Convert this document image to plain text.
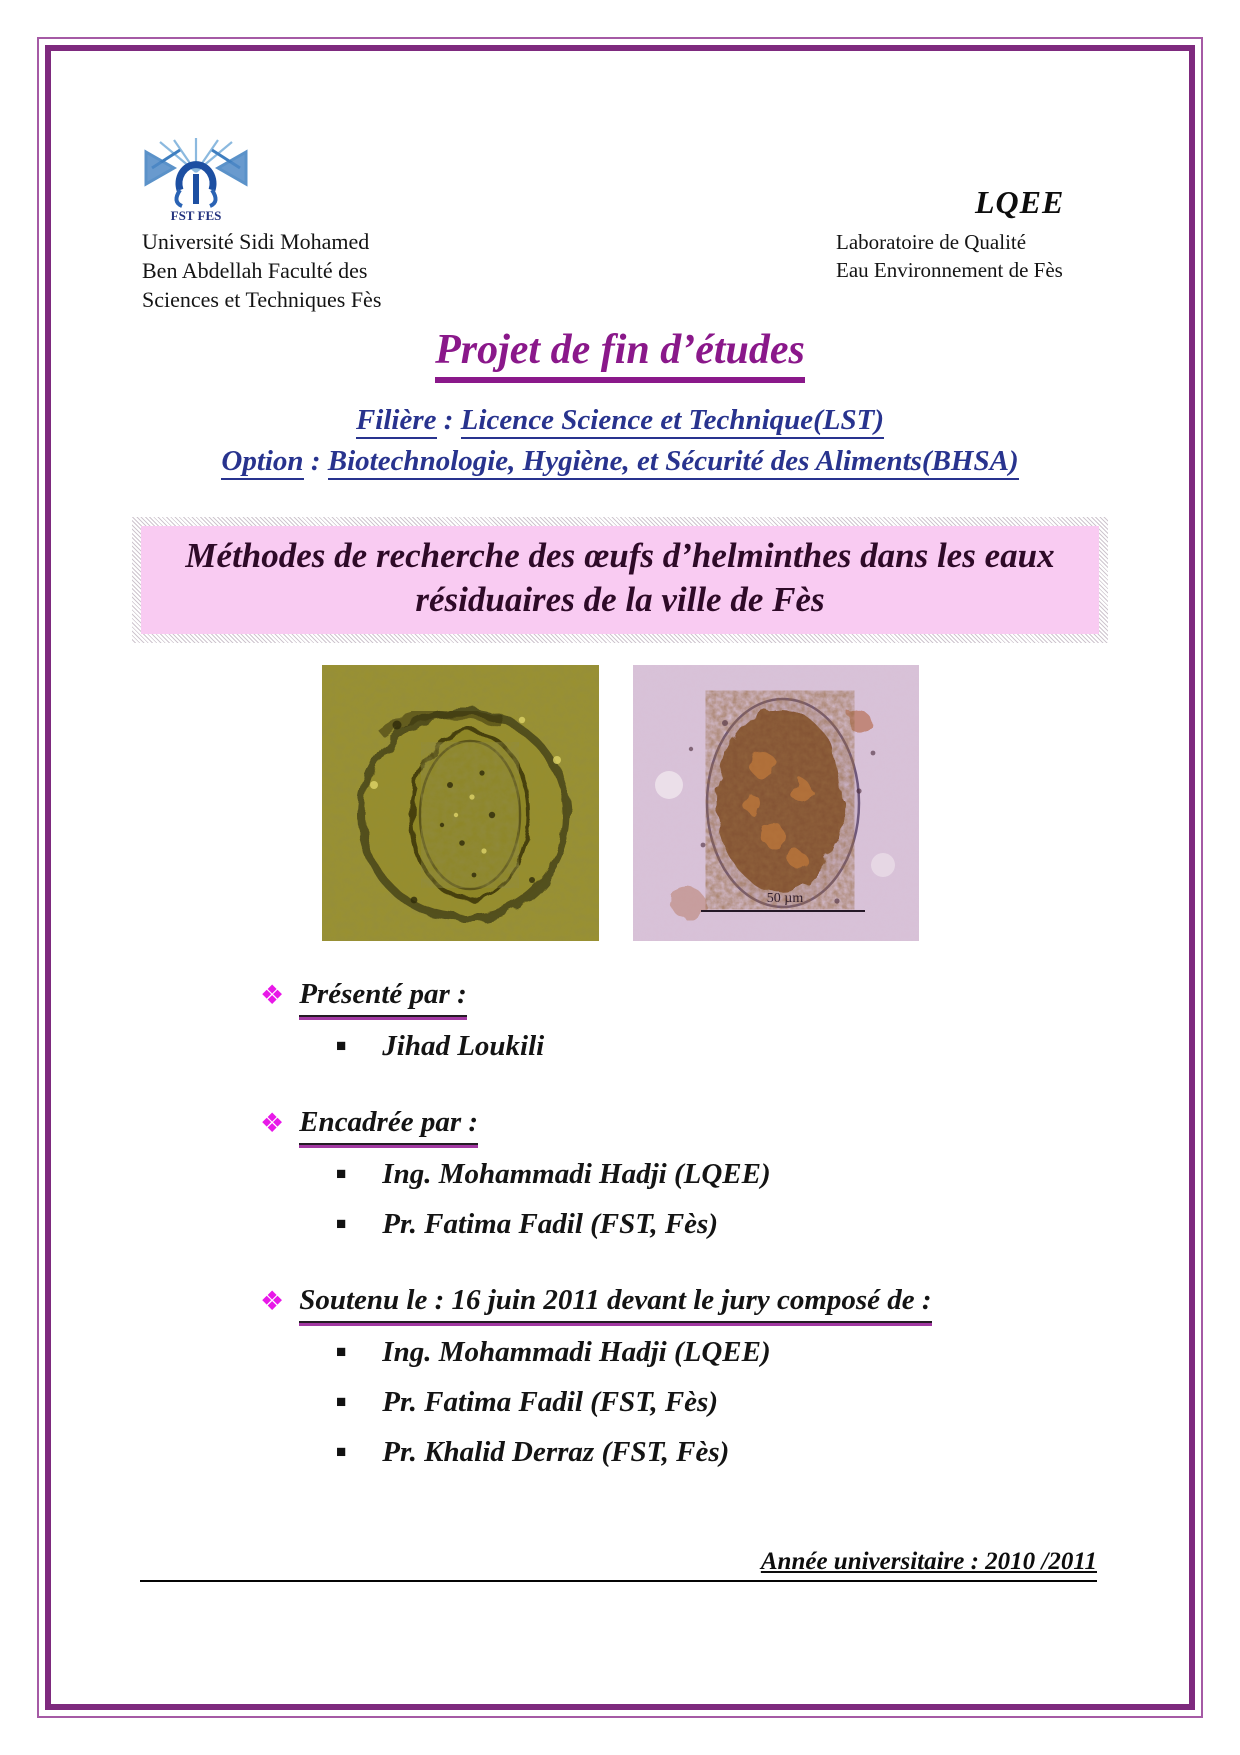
FST FES
Université Sidi Mohamed
Ben Abdellah Faculté des
Sciences et Techniques Fès
LQEE
Laboratoire de Qualité
Eau Environnement de Fès
Projet de fin d’études
Filière : Licence Science et Technique(LST)
Option : Biotechnologie, Hygiène, et Sécurité des Aliments(BHSA)
Méthodes de recherche des œufs d’helminthes dans les eaux
résiduaires de la ville de Fès
50 µm
❖ Présenté par :
■ Jihad Loukili
❖ Encadrée par :
■ Ing. Mohammadi Hadji (LQEE)
■ Pr. Fatima Fadil (FST, Fès)
❖ Soutenu le : 16 juin 2011 devant le jury composé de :
■ Ing. Mohammadi Hadji (LQEE)
■ Pr. Fatima Fadil (FST, Fès)
■ Pr. Khalid Derraz (FST, Fès)
Année universitaire : 2010 /2011
